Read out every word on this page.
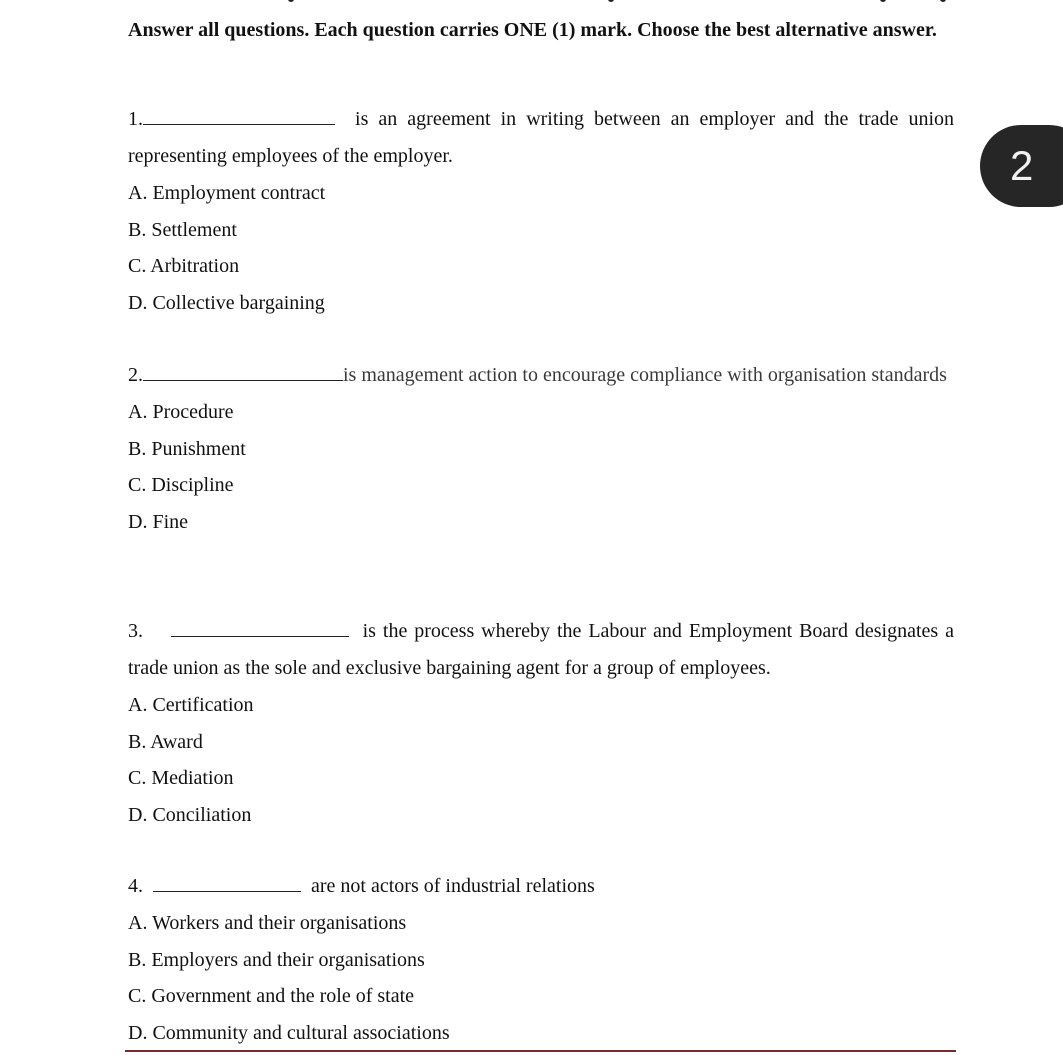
Answer all questions. Each question carries ONE (1) mark. Choose the best alternative answer.
2
1.	is an agreement in writing between an employer and the trade union representing employees of the employer.
A. Employment contract
B. Settlement
C. Arbitration
D. Collective bargaining
2.	is management action to encourage compliance with organisation standards
A. Procedure
B. Punishment
C. Discipline
D. Fine
3.	is the process whereby the Labour and Employment Board designates a trade union as the sole and exclusive bargaining agent for a group of employees.
A. Certification
B. Award
C. Mediation
D. Conciliation
4.	are not actors of industrial relations
A. Workers and their organisations
B. Employers and their organisations
C. Government and the role of state
D. Community and cultural associations
